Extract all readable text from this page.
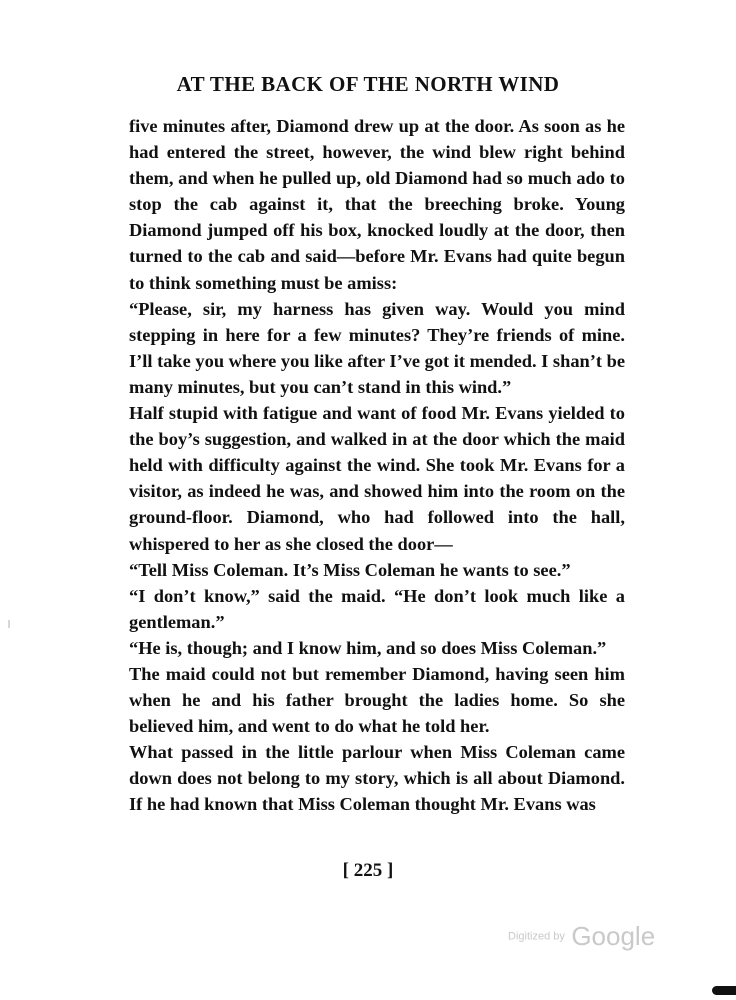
AT THE BACK OF THE NORTH WIND

five minutes after, Diamond drew up at the door. As soon as he had entered the street, however, the wind blew right behind them, and when he pulled up, old Diamond had so much ado to stop the cab against it, that the breeching broke. Young Diamond jumped off his box, knocked loudly at the door, then turned to the cab and said—before Mr. Evans had quite begun to think something must be amiss:

“Please, sir, my harness has given way. Would you mind stepping in here for a few minutes? They’re friends of mine. I’ll take you where you like after I’ve got it mended. I shan’t be many minutes, but you can’t stand in this wind.”

Half stupid with fatigue and want of food Mr. Evans yielded to the boy’s suggestion, and walked in at the door which the maid held with difficulty against the wind. She took Mr. Evans for a visitor, as indeed he was, and showed him into the room on the ground-floor. Diamond, who had followed into the hall, whispered to her as she closed the door—

“Tell Miss Coleman. It’s Miss Coleman he wants to see.”

“I don’t know,” said the maid. “He don’t look much like a gentleman.”

“He is, though; and I know him, and so does Miss Coleman.”

The maid could not but remember Diamond, having seen him when he and his father brought the ladies home. So she believed him, and went to do what he told her.

What passed in the little parlour when Miss Coleman came down does not belong to my story, which is all about Diamond. If he had known that Miss Coleman thought Mr. Evans was

[ 225 ]
Digitized by Google
